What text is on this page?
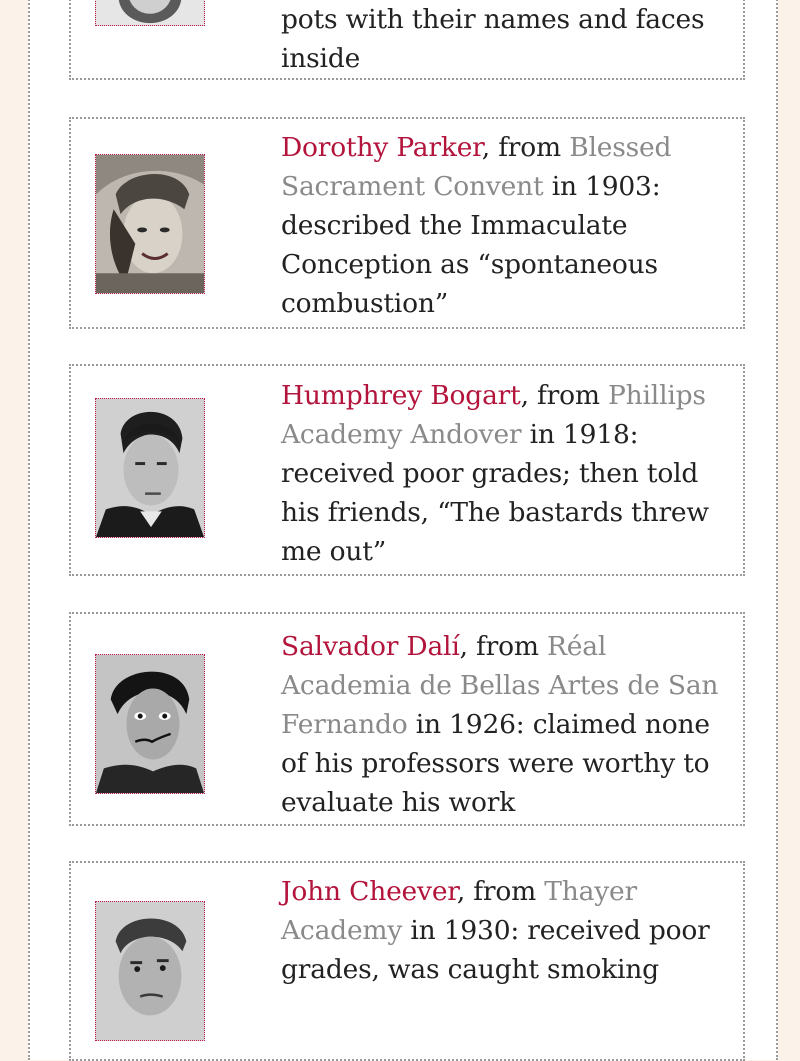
pots with their names and faces inside
Dorothy Parker, from Blessed Sacrament Convent in 1903: described the Immaculate Conception as “spontaneous combustion”
Humphrey Bogart, from Phillips Academy Andover in 1918: received poor grades; then told his friends, “The bastards threw me out”
Salvador Dalí, from Réal Academia de Bellas Artes de San Fernando in 1926: claimed none of his professors were worthy to evaluate his work
John Cheever, from Thayer Academy in 1930: received poor grades, was caught smoking
